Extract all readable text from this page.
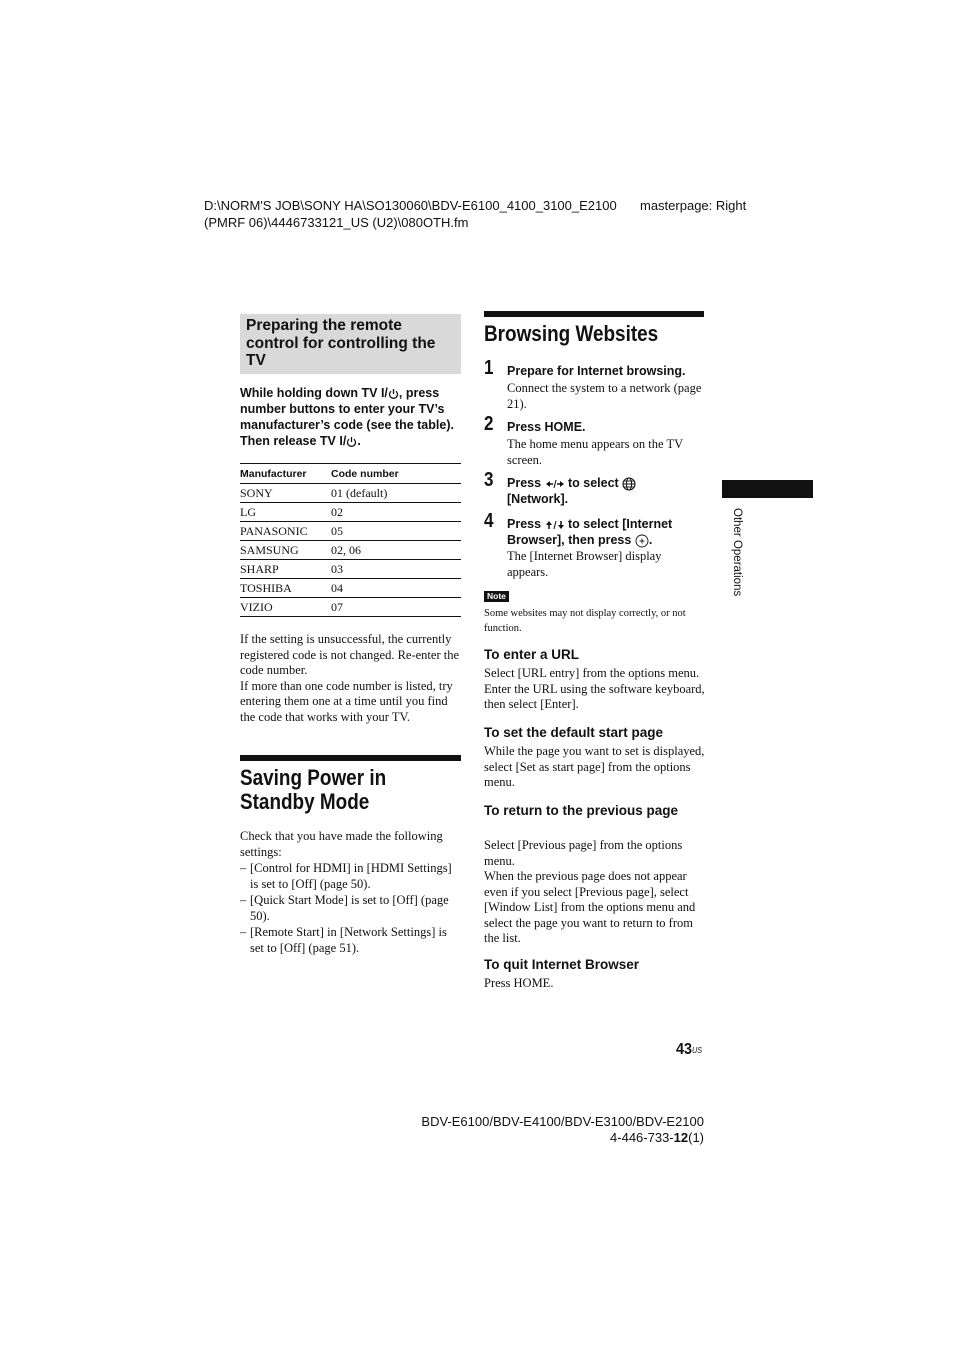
D:\NORM'S JOB\SONY HA\SO130060\BDV-E6100_4100_3100_E2100
(PMRF 06)\4446733121_US (U2)\080OTH.fm
masterpage: Right
Preparing the remote control for controlling the TV
While holding down TV I/ , press number buttons to enter your TV’s manufacturer’s code (see the table). Then release TV I/ .
Manufacturer	Code number
SONY	01 (default)
LG	02
PANASONIC	05
SAMSUNG	02, 06
SHARP	03
TOSHIBA	04
VIZIO	07
If the setting is unsuccessful, the currently registered code is not changed. Re-enter the code number.
If more than one code number is listed, try entering them one at a time until you find the code that works with your TV.
Saving Power in
Standby Mode
Check that you have made the following settings:
– [Control for HDMI] in [HDMI Settings] is set to [Off] (page 50).
– [Quick Start Mode] is set to [Off] (page 50).
– [Remote Start] in [Network Settings] is set to [Off] (page 51).
Browsing Websites
1 Prepare for Internet browsing.
Connect the system to a network (page 21).
2 Press HOME.
The home menu appears on the TV screen.
3 Press  to select
[Network].
4 Press  to select [Internet Browser], then press .
The [Internet Browser] display appears.
Note
Some websites may not display correctly, or not function.
To enter a URL
Select [URL entry] from the options menu. Enter the URL using the software keyboard, then select [Enter].
To set the default start page
While the page you want to set is displayed, select [Set as start page] from the options menu.
To return to the previous page
Select [Previous page] from the options menu.
When the previous page does not appear even if you select [Previous page], select [Window List] from the options menu and select the page you want to return to from the list.
To quit Internet Browser
Press HOME.
Other Operations
$43^{US}$
BDV-E6100/BDV-E4100/BDV-E3100/BDV-E2100
4-446-733-12(1)
